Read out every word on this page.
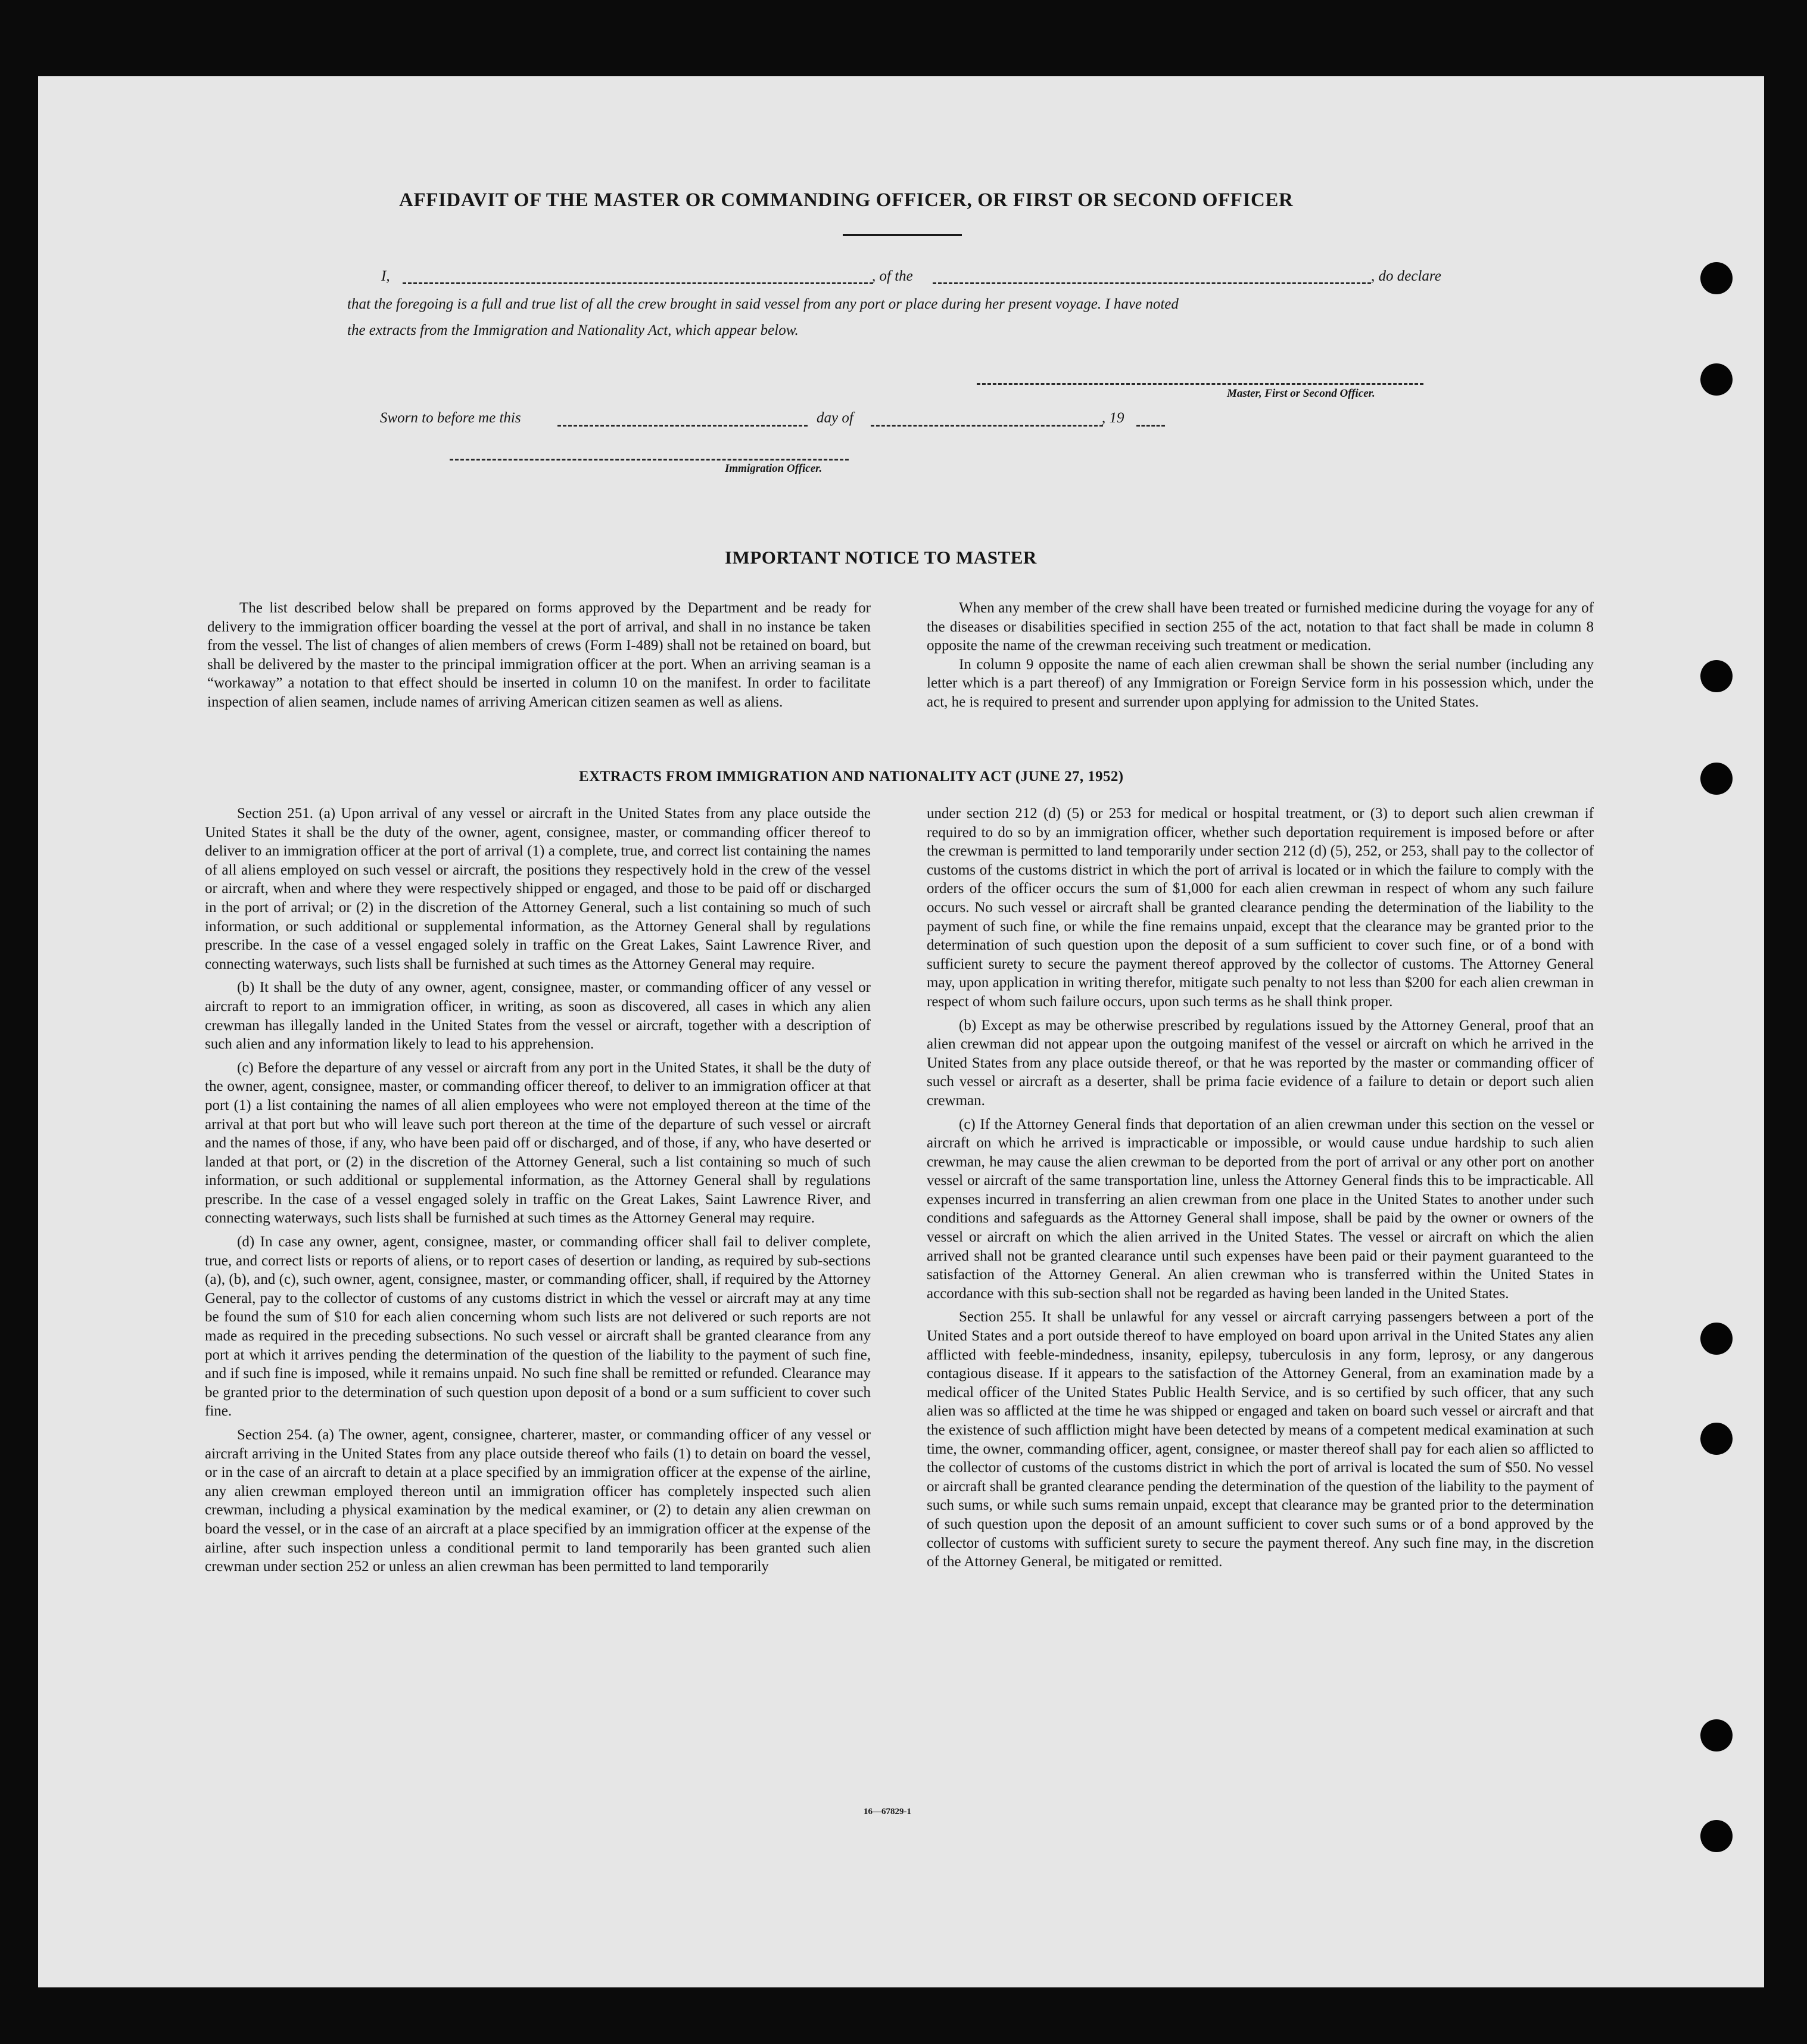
AFFIDAVIT OF THE MASTER OR COMMANDING OFFICER, OR FIRST OR SECOND OFFICER
I,	, of the	, do declare
that the foregoing is a full and true list of all the crew brought in said vessel from any port or place during her present voyage. I have noted
the extracts from the Immigration and Nationality Act, which appear below.
Master, First or Second Officer.
Sworn to before me this	day of	, 19
Immigration Officer.
IMPORTANT NOTICE TO MASTER

The list described below shall be prepared on forms approved by the Department and be ready for delivery to the immigration officer boarding the vessel at the port of arrival, and shall in no instance be taken from the vessel. The list of changes of alien members of crews (Form I-489) shall not be retained on board, but shall be delivered by the master to the principal immigration officer at the port. When an arriving seaman is a “workaway” a notation to that effect should be inserted in column 10 on the manifest. In order to facilitate inspection of alien seamen, include names of arriving American citizen seamen as well as aliens.

When any member of the crew shall have been treated or furnished medicine during the voyage for any of the diseases or disabilities specified in section 255 of the act, notation to that fact shall be made in column 8 opposite the name of the crewman receiving such treatment or medication.

In column 9 opposite the name of each alien crewman shall be shown the serial number (including any letter which is a part thereof) of any Immigration or Foreign Service form in his possession which, under the act, he is required to present and surrender upon applying for admission to the United States.

EXTRACTS FROM IMMIGRATION AND NATIONALITY ACT (JUNE 27, 1952)

Section 251. (a) Upon arrival of any vessel or aircraft in the United States from any place outside the United States it shall be the duty of the owner, agent, consignee, master, or commanding officer thereof to deliver to an immigration officer at the port of arrival (1) a complete, true, and correct list containing the names of all aliens employed on such vessel or aircraft, the positions they respectively hold in the crew of the vessel or aircraft, when and where they were respectively shipped or engaged, and those to be paid off or discharged in the port of arrival; or (2) in the discretion of the Attorney General, such a list containing so much of such information, or such additional or supplemental information, as the Attorney General shall by regulations prescribe. In the case of a vessel engaged solely in traffic on the Great Lakes, Saint Lawrence River, and connecting waterways, such lists shall be furnished at such times as the Attorney General may require.

(b) It shall be the duty of any owner, agent, consignee, master, or commanding officer of any vessel or aircraft to report to an immigration officer, in writing, as soon as discovered, all cases in which any alien crewman has illegally landed in the United States from the vessel or aircraft, together with a description of such alien and any information likely to lead to his apprehension.

(c) Before the departure of any vessel or aircraft from any port in the United States, it shall be the duty of the owner, agent, consignee, master, or commanding officer thereof, to deliver to an immigration officer at that port (1) a list containing the names of all alien employees who were not employed thereon at the time of the arrival at that port but who will leave such port thereon at the time of the departure of such vessel or aircraft and the names of those, if any, who have been paid off or discharged, and of those, if any, who have deserted or landed at that port, or (2) in the discretion of the Attorney General, such a list containing so much of such information, or such additional or supplemental information, as the Attorney General shall by regulations prescribe. In the case of a vessel engaged solely in traffic on the Great Lakes, Saint Lawrence River, and connecting waterways, such lists shall be furnished at such times as the Attorney General may require.

(d) In case any owner, agent, consignee, master, or commanding officer shall fail to deliver complete, true, and correct lists or reports of aliens, or to report cases of desertion or landing, as required by sub-sections (a), (b), and (c), such owner, agent, consignee, master, or commanding officer, shall, if required by the Attorney General, pay to the collector of customs of any customs district in which the vessel or aircraft may at any time be found the sum of $10 for each alien concerning whom such lists are not delivered or such reports are not made as required in the preceding subsections. No such vessel or aircraft shall be granted clearance from any port at which it arrives pending the determination of the question of the liability to the payment of such fine, and if such fine is imposed, while it remains unpaid. No such fine shall be remitted or refunded. Clearance may be granted prior to the determination of such question upon deposit of a bond or a sum sufficient to cover such fine.

Section 254. (a) The owner, agent, consignee, charterer, master, or commanding officer of any vessel or aircraft arriving in the United States from any place outside thereof who fails (1) to detain on board the vessel, or in the case of an aircraft to detain at a place specified by an immigration officer at the expense of the airline, any alien crewman employed thereon until an immigration officer has completely inspected such alien crewman, including a physical examination by the medical examiner, or (2) to detain any alien crewman on board the vessel, or in the case of an aircraft at a place specified by an immigration officer at the expense of the airline, after such inspection unless a conditional permit to land temporarily has been granted such alien crewman under section 252 or unless an alien crewman has been permitted to land temporarily

under section 212 (d) (5) or 253 for medical or hospital treatment, or (3) to deport such alien crewman if required to do so by an immigration officer, whether such deportation requirement is imposed before or after the crewman is permitted to land temporarily under section 212 (d) (5), 252, or 253, shall pay to the collector of customs of the customs district in which the port of arrival is located or in which the failure to comply with the orders of the officer occurs the sum of $1,000 for each alien crewman in respect of whom any such failure occurs. No such vessel or aircraft shall be granted clearance pending the determination of the liability to the payment of such fine, or while the fine remains unpaid, except that the clearance may be granted prior to the determination of such question upon the deposit of a sum sufficient to cover such fine, or of a bond with sufficient surety to secure the payment thereof approved by the collector of customs. The Attorney General may, upon application in writing therefor, mitigate such penalty to not less than $200 for each alien crewman in respect of whom such failure occurs, upon such terms as he shall think proper.

(b) Except as may be otherwise prescribed by regulations issued by the Attorney General, proof that an alien crewman did not appear upon the outgoing manifest of the vessel or aircraft on which he arrived in the United States from any place outside thereof, or that he was reported by the master or commanding officer of such vessel or aircraft as a deserter, shall be prima facie evidence of a failure to detain or deport such alien crewman.

(c) If the Attorney General finds that deportation of an alien crewman under this section on the vessel or aircraft on which he arrived is impracticable or impossible, or would cause undue hardship to such alien crewman, he may cause the alien crewman to be deported from the port of arrival or any other port on another vessel or aircraft of the same transportation line, unless the Attorney General finds this to be impracticable. All expenses incurred in transferring an alien crewman from one place in the United States to another under such conditions and safeguards as the Attorney General shall impose, shall be paid by the owner or owners of the vessel or aircraft on which the alien arrived in the United States. The vessel or aircraft on which the alien arrived shall not be granted clearance until such expenses have been paid or their payment guaranteed to the satisfaction of the Attorney General. An alien crewman who is transferred within the United States in accordance with this sub-section shall not be regarded as having been landed in the United States.

Section 255. It shall be unlawful for any vessel or aircraft carrying passengers between a port of the United States and a port outside thereof to have employed on board upon arrival in the United States any alien afflicted with feeble-mindedness, insanity, epilepsy, tuberculosis in any form, leprosy, or any dangerous contagious disease. If it appears to the satisfaction of the Attorney General, from an examination made by a medical officer of the United States Public Health Service, and is so certified by such officer, that any such alien was so afflicted at the time he was shipped or engaged and taken on board such vessel or aircraft and that the existence of such affliction might have been detected by means of a competent medical examination at such time, the owner, commanding officer, agent, consignee, or master thereof shall pay for each alien so afflicted to the collector of customs of the customs district in which the port of arrival is located the sum of $50. No vessel or aircraft shall be granted clearance pending the determination of the question of the liability to the payment of such sums, or while such sums remain unpaid, except that clearance may be granted prior to the determination of such question upon the deposit of an amount sufficient to cover such sums or of a bond approved by the collector of customs with sufficient surety to secure the payment thereof. Any such fine may, in the discretion of the Attorney General, be mitigated or remitted.

16—67829-1
